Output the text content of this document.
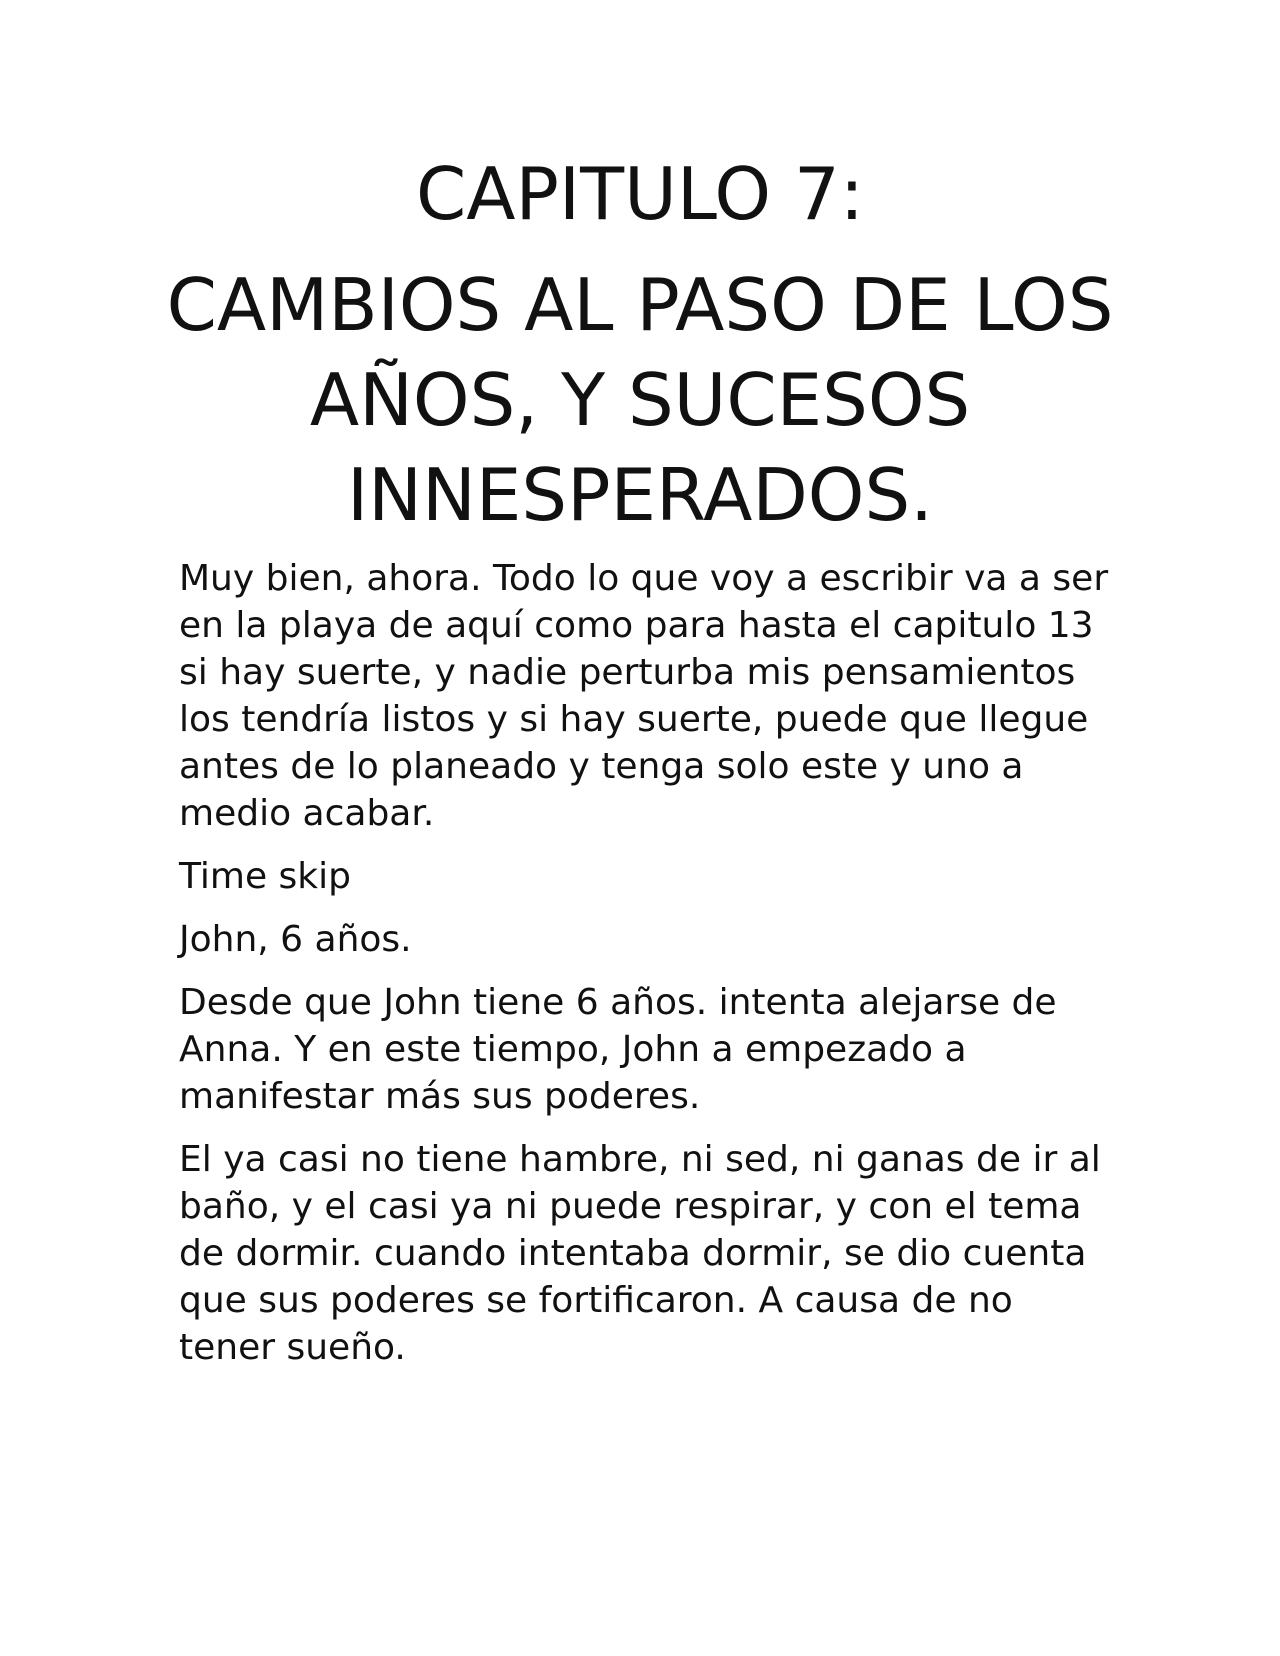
CAPITULO 7:
CAMBIOS AL PASO DE LOS AÑOS, Y SUCESOS INNESPERADOS.

Muy bien, ahora. Todo lo que voy a escribir va a ser en la playa de aquí como para hasta el capitulo 13 si hay suerte, y nadie perturba mis pensamientos los tendría listos y si hay suerte, puede que llegue antes de lo planeado y tenga solo este y uno a medio acabar.

Time skip

John, 6 años.

Desde que John tiene 6 años. intenta alejarse de Anna. Y en este tiempo, John a empezado a manifestar más sus poderes.

El ya casi no tiene hambre, ni sed, ni ganas de ir al baño, y el casi ya ni puede respirar, y con el tema de dormir. cuando intentaba dormir, se dio cuenta que sus poderes se fortificaron. A causa de no tener sueño.
